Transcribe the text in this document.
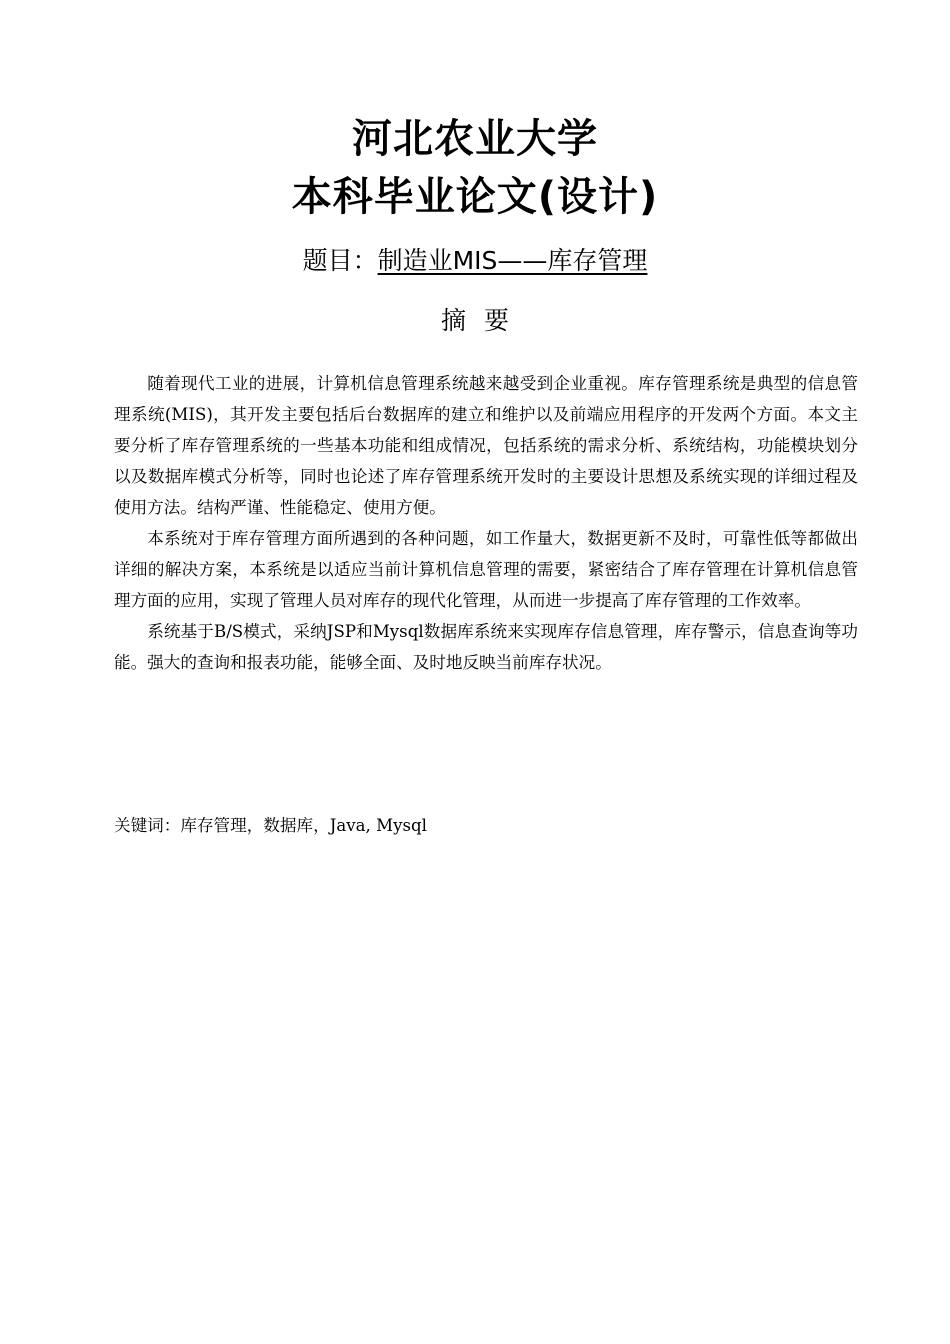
河北农业大学
本科毕业论文(设计)
题目：制造业MIS——库存管理
摘要

随着现代工业的进展，计算机信息管理系统越来越受到企业重视。库存管理系统是典型的信息管理系统(MIS)，其开发主要包括后台数据库的建立和维护以及前端应用程序的开发两个方面。本文主要分析了库存管理系统的一些基本功能和组成情况，包括系统的需求分析、系统结构，功能模块划分以及数据库模式分析等，同时也论述了库存管理系统开发时的主要设计思想及系统实现的详细过程及使用方法。结构严谨、性能稳定、使用方便。

本系统对于库存管理方面所遇到的各种问题，如工作量大，数据更新不及时，可靠性低等都做出详细的解决方案，本系统是以适应当前计算机信息管理的需要，紧密结合了库存管理在计算机信息管理方面的应用，实现了管理人员对库存的现代化管理，从而进一步提高了库存管理的工作效率。

系统基于B/S模式，采纳JSP和Mysql数据库系统来实现库存信息管理，库存警示，信息查询等功能。强大的查询和报表功能，能够全面、及时地反映当前库存状况。

关键词：库存管理，数据库，Java, Mysql
